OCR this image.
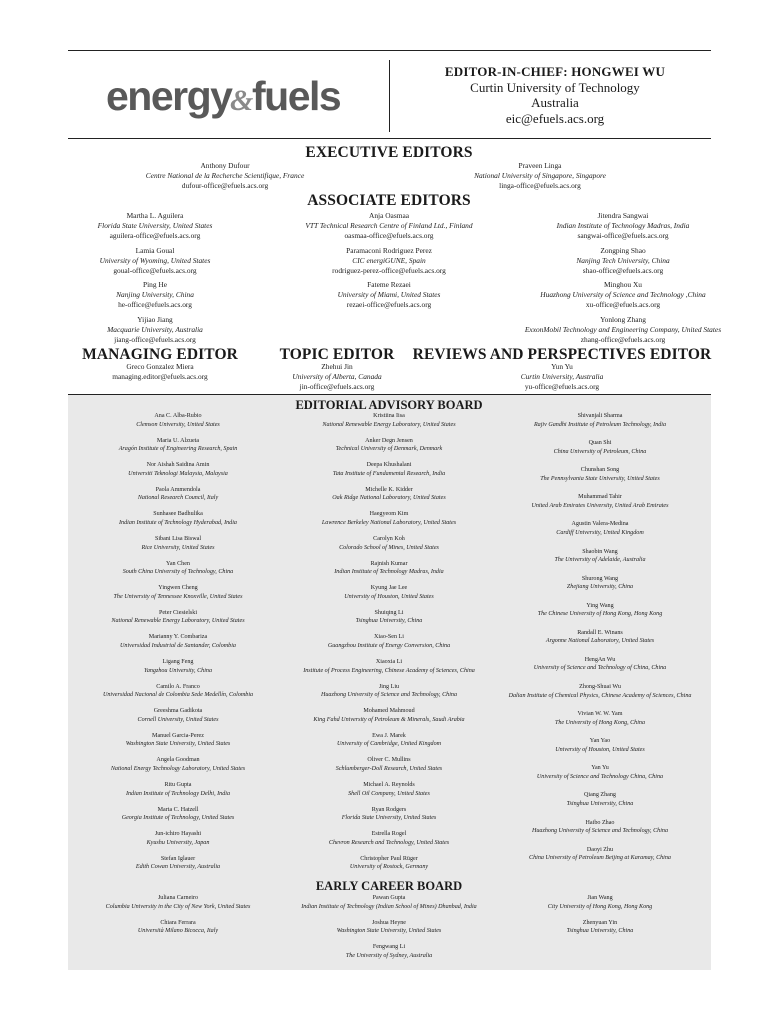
energy
&
fuels
EDITOR-IN-CHIEF: HONGWEI WU
Curtin University of Technology
Australia
eic@efuels.acs.org
EXECUTIVE EDITORS
Anthony Dufour
Centre National de la Recherche Scientifique, France
dufour-office@efuels.acs.org
Praveen Linga
National University of Singapore, Singapore
linga-office@efuels.acs.org
ASSOCIATE EDITORS
MANAGING EDITOR
Greco Gonzalez Miera
managing.editor@efuels.acs.org
TOPIC EDITOR
Zhehui Jin
University of Alberta, Canada
jin-office@efuels.acs.org
REVIEWS AND PERSPECTIVES EDITOR
Yun Yu
Curtin University, Australia
yu-office@efuels.acs.org
EDITORIAL ADVISORY BOARD
EARLY CAREER BOARD
Martha L. Aguilera
Florida State University, United States
aguilera-office@efuels.acs.org
Lamia Goual
University of Wyoming, United States
goual-office@efuels.acs.org
Ping He
Nanjing University, China
he-office@efuels.acs.org
Yijiao Jiang
Macquarie University, Australia
jiang-office@efuels.acs.org
Anja Oasmaa
VTT Technical Research Centre of Finland Ltd., Finland
oasmaa-office@efuels.acs.org
Paramaconi Rodriguez Perez
CIC energiGUNE, Spain
rodriguez-perez-office@efuels.acs.org
Fateme Rezaei
University of Miami, United States
rezaei-office@efuels.acs.org
Jitendra Sangwai
Indian Institute of Technology Madras, India
sangwai-office@efuels.acs.org
Zongping Shao
Nanjing Tech University, China
shao-office@efuels.acs.org
Minghou Xu
Huazhong University of Science and Technology ,China
xu-office@efuels.acs.org
Yonlong Zhang
ExxonMobil Technology and Engineering Company, United States
zhang-office@efuels.acs.org
Ana C. Alba-Rubio
Clemson University, United States
Maria U. Alzueta
Aragón Institute of Engineering Research, Spain
Nor Aishah Saidina Amin
Universiti Teknologi Malaysia, Malaysia
Paola Ammendola
National Research Council, Italy
Sunhasee Badhulika
Indian Institute of Technology Hyderabad, India
Sibani Lisa Biswal
Rice University, United States
Yan Chen
South China University of Technology, China
Yingwen Cheng
The University of Tennessee Knoxville, United States
Peter Ciesielski
National Renewable Energy Laboratory, United States
Marianny Y. Combariza
Universidad Industrial de Santander, Colombia
Ligang Feng
Yangzhou University, China
Camilo A. Franco
Universidad Nacional de Colombia Sede Medellín, Colombia
Greeshma Gadikota
Cornell University, United States
Manuel Garcia-Perez
Washington State University, United States
Angela Goodman
National Energy Technology Laboratory, United States
Ritu Gupta
Indian Institute of Technology Delhi, India
Marta C. Hatzell
Georgia Institute of Technology, United States
Jun-ichiro Hayashi
Kyushu University, Japan
Stefan Iglauer
Edith Cowan University, Australia
Kristiina Iisa
National Renewable Energy Laboratory, United States
Anker Degn Jensen
Technical University of Denmark, Denmark
Deepa Khushalani
Tata Institute of Fundamental Research, India
Michelle K. Kidder
Oak Ridge National Laboratory, United States
Haegyeom Kim
Lawrence Berkeley National Laboratory, United States
Carolyn Koh
Colorado School of Mines, United States
Rajnish Kumar
Indian Institute of Technology Madras, India
Kyung Jae Lee
University of Houston, United States
Shuiqing Li
Tsinghua University, China
Xiao-Sen Li
Guangzhou Institute of Energy Conversion, China
Xiaoxia Li
Institute of Process Engineering, Chinese Academy of Sciences, China
Jing Liu
Huazhong University of Science and Technology, China
Mohamed Mahmoud
King Fahd University of Petroleum & Minerals, Saudi Arabia
Ewa J. Marek
University of Cambridge, United Kingdom
Oliver C. Mullins
Schlumberger-Doll Research, United States
Michael A. Reynolds
Shell Oil Company, United States
Ryan Rodgers
Florida State University, United States
Estrella Rogel
Chevron Research and Technology, United States
Christopher Paul Rüger
University of Rostock, Germany
Shivanjali Sharma
Rajiv Gandhi Institute of Petroleum Technology, India
Quan Shi
China University of Petroleum, China
Chunshan Song
The Pennsylvania State University, United States
Muhammad Tahir
United Arab Emirates University, United Arab Emirates
Agustin Valera-Medina
Cardiff University, United Kingdom
Shaobin Wang
The University of Adelaide, Australia
Shurong Wang
Zhejiang University, China
Ying Wang
The Chinese University of Hong Kong, Hong Kong
Randall E. Winans
Argonne National Laboratory, United States
HengAn Wu
University of Science and Technology of China, China
Zhong-Shuai Wu
Dalian Institute of Chemical Physics, Chinese Academy of Sciences, China
Vivian W. W. Yam
The University of Hong Kong, China
Yan Yao
University of Houston, United States
Yan Yu
University of Science and Technology China, China
Qiang Zhang
Tsinghua University, China
Haibo Zhao
Huazhong University of Science and Technology, China
Daoyi Zhu
China University of Petroleum Beijing at Karamay, China
Juliana Carneiro
Columbia University in the City of New York, United States
Chiara Ferrara
Università Milano Bicocca, Italy
Pawan Gupta
Indian Institute of Technology (Indian School of Mines) Dhanbad, India
Joshua Heyne
Washington State University, United States
Fengwang Li
The University of Sydney, Australia
Jian Wang
City University of Hong Kong, Hong Kong
Zhenyuan Yin
Tsinghua University, China
